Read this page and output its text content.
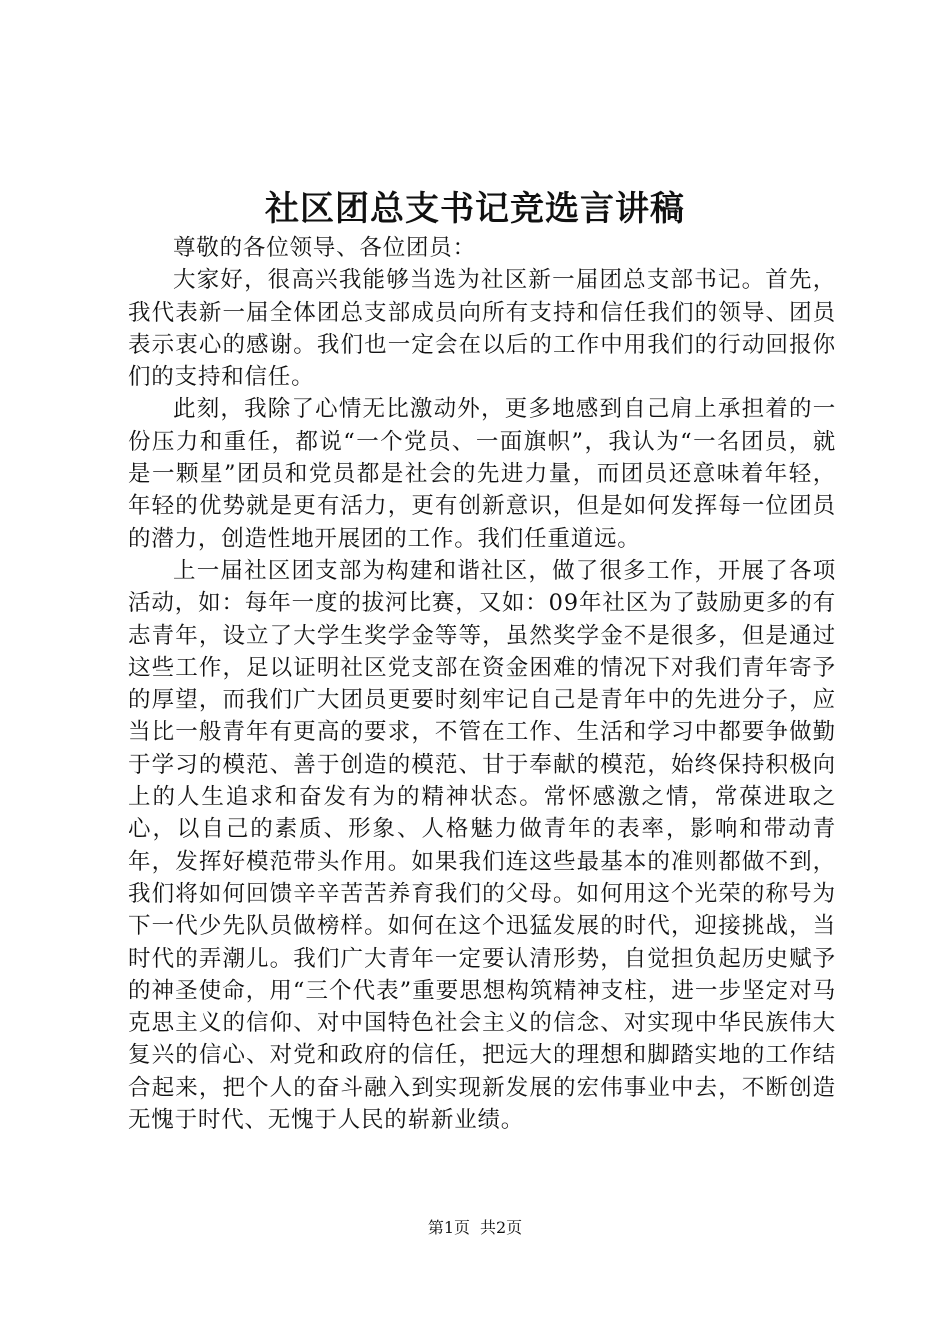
社区团总支书记竞选言讲稿

尊敬的各位领导、各位团员：

大家好，很高兴我能够当选为社区新一届团总支部书记。首先，我代表新一届全体团总支部成员向所有支持和信任我们的领导、团员表示衷心的感谢。我们也一定会在以后的工作中用我们的行动回报你们的支持和信任。

此刻，我除了心情无比激动外，更多地感到自己肩上承担着的一份压力和重任，都说“一个党员、一面旗帜”，我认为“一名团员，就是一颗星”团员和党员都是社会的先进力量，而团员还意味着年轻，年轻的优势就是更有活力，更有创新意识，但是如何发挥每一位团员的潜力，创造性地开展团的工作。我们任重道远。

上一届社区团支部为构建和谐社区，做了很多工作，开展了各项活动，如：每年一度的拔河比赛，又如：09年社区为了鼓励更多的有志青年，设立了大学生奖学金等等，虽然奖学金不是很多，但是通过这些工作，足以证明社区党支部在资金困难的情况下对我们青年寄予的厚望，而我们广大团员更要时刻牢记自己是青年中的先进分子，应当比一般青年有更高的要求，不管在工作、生活和学习中都要争做勤于学习的模范、善于创造的模范、甘于奉献的模范，始终保持积极向上的人生追求和奋发有为的精神状态。常怀感激之情，常葆进取之心，以自己的素质、形象、人格魅力做青年的表率，影响和带动青年，发挥好模范带头作用。如果我们连这些最基本的准则都做不到，我们将如何回馈辛辛苦苦养育我们的父母。如何用这个光荣的称号为下一代少先队员做榜样。如何在这个迅猛发展的时代，迎接挑战，当时代的弄潮儿。我们广大青年一定要认清形势，自觉担负起历史赋予的神圣使命，用“三个代表”重要思想构筑精神支柱，进一步坚定对马克思主义的信仰、对中国特色社会主义的信念、对实现中华民族伟大复兴的信心、对党和政府的信任，把远大的理想和脚踏实地的工作结合起来，把个人的奋斗融入到实现新发展的宏伟事业中去，不断创造无愧于时代、无愧于人民的崭新业绩。

第1页 共2页
